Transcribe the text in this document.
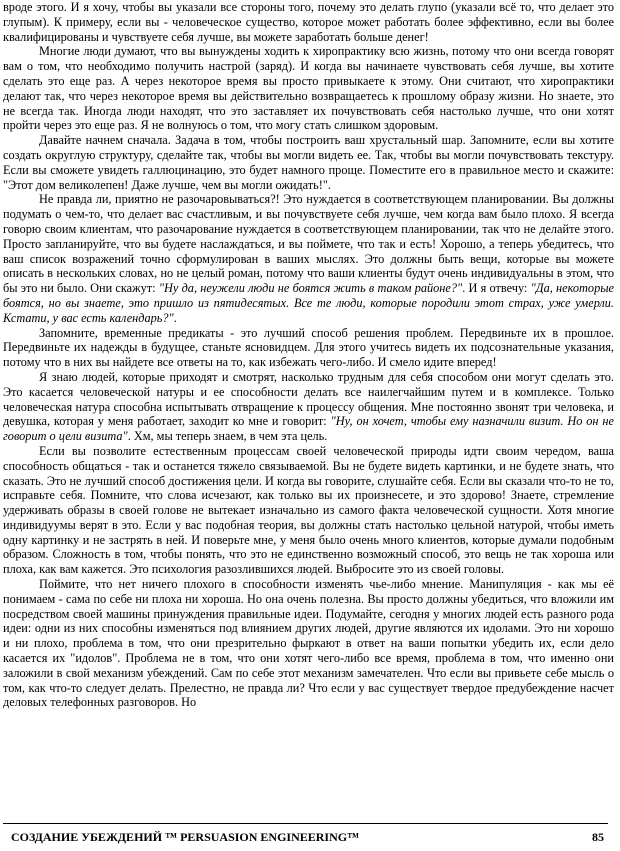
вроде этого. И я хочу, чтобы вы указали все стороны того, почему это делать глупо (указали всё то, что делает это глупым). К примеру, если вы - человеческое существо, которое может работать более эффективно, если вы более квалифицированы и чувствуете себя лучше, вы можете заработать больше денег!

Многие люди думают, что вы вынуждены ходить к хиропрактику всю жизнь, потому что они всегда говорят вам о том, что необходимо получить настрой (заряд). И когда вы начинаете чувствовать себя лучше, вы хотите сделать это еще раз. А через некоторое время вы просто привыкаете к этому. Они считают, что хиропрактики делают так, что через некоторое время вы действительно возвращаетесь к прошлому образу жизни. Но знаете, это не всегда так. Иногда люди находят, что это заставляет их почувствовать себя настолько лучше, что они хотят пройти через это еще раз. Я не волнуюсь о том, что могу стать слишком здоровым.

Давайте начнем сначала. Задача в том, чтобы построить ваш хрустальный шар. Запомните, если вы хотите создать округлую структуру, сделайте так, чтобы вы могли видеть ее. Так, чтобы вы могли почувствовать текстуру. Если вы сможете увидеть галлюцинацию, это будет намного проще. Поместите его в правильное место и скажите: "Этот дом великолепен! Даже лучше, чем вы могли ожидать!".

Не правда ли, приятно не разочаровываться?! Это нуждается в соответствующем планировании. Вы должны подумать о чем-то, что делает вас счастливым, и вы почувствуете себя лучше, чем когда вам было плохо. Я всегда говорю своим клиентам, что разочарование нуждается в соответствующем планировании, так что не делайте этого. Просто запланируйте, что вы будете наслаждаться, и вы поймете, что так и есть! Хорошо, а теперь убедитесь, что ваш список возражений точно сформулирован в ваших мыслях. Это должны быть вещи, которые вы можете описать в нескольких словах, но не целый роман, потому что ваши клиенты будут очень индивидуальны в этом, что бы это ни было. Они скажут: "Ну да, неужели люди не боятся жить в таком районе?". И я отвечу: "Да, некоторые боятся, но вы знаете, это пришло из пятидесятых. Все те люди, которые породили этот страх, уже умерли. Кстати, у вас есть календарь?".

Запомните, временные предикаты - это лучший способ решения проблем. Передвиньте их в прошлое. Передвиньте их надежды в будущее, станьте ясновидцем. Для этого учитесь видеть их подсознательные указания, потому что в них вы найдете все ответы на то, как избежать чего-либо. И смело идите вперед!

Я знаю людей, которые приходят и смотрят, насколько трудным для себя способом они могут сделать это. Это касается человеческой натуры и ее способности делать все наилегчайшим путем и в комплексе. Только человеческая натура способна испытывать отвращение к процессу общения. Мне постоянно звонят три человека, и девушка, которая у меня работает, заходит ко мне и говорит: "Ну, он хочет, чтобы ему назначили визит. Но он не говорит о цели визита". Хм, мы теперь знаем, в чем эта цель.

Если вы позволите естественным процессам своей человеческой природы идти своим чередом, ваша способность общаться - так и останется тяжело связываемой. Вы не будете видеть картинки, и не будете знать, что сказать. Это не лучший способ достижения цели. И когда вы говорите, слушайте себя. Если вы сказали что-то не то, исправьте себя. Помните, что слова исчезают, как только вы их произнесете, и это здорово! Знаете, стремление удерживать образы в своей голове не вытекает изначально из самого факта человеческой сущности. Хотя многие индивидуумы верят в это. Если у вас подобная теория, вы должны стать настолько цельной натурой, чтобы иметь одну картинку и не застрять в ней. И поверьте мне, у меня было очень много клиентов, которые думали подобным образом. Сложность в том, чтобы понять, что это не единственно возможный способ, это вещь не так хороша или плоха, как вам кажется. Это психология разозлившихся людей. Выбросите это из своей головы.

Поймите, что нет ничего плохого в способности изменять чье-либо мнение. Манипуляция - как мы её понимаем - сама по себе ни плоха ни хороша. Но она очень полезна. Вы просто должны убедиться, что вложили им посредством своей машины принуждения правильные идеи. Подумайте, сегодня у многих людей есть разного рода идеи: одни из них способны изменяться под влиянием других людей, другие являются их идолами. Это ни хорошо и ни плохо, проблема в том, что они презрительно фыркают в ответ на ваши попытки убедить их, если дело касается их "идолов". Проблема не в том, что они хотят чего-либо все время, проблема в том, что именно они заложили в свой механизм убеждений. Сам по себе этот механизм замечателен. Что если вы привьете себе мысль о том, как что-то следует делать. Прелестно, не правда ли? Что если у вас существует твердое предубеждение насчет деловых телефонных разговоров. Но

СОЗДАНИЕ УБЕЖДЕНИЙ ™ PERSUASION ENGINEERING™	85
